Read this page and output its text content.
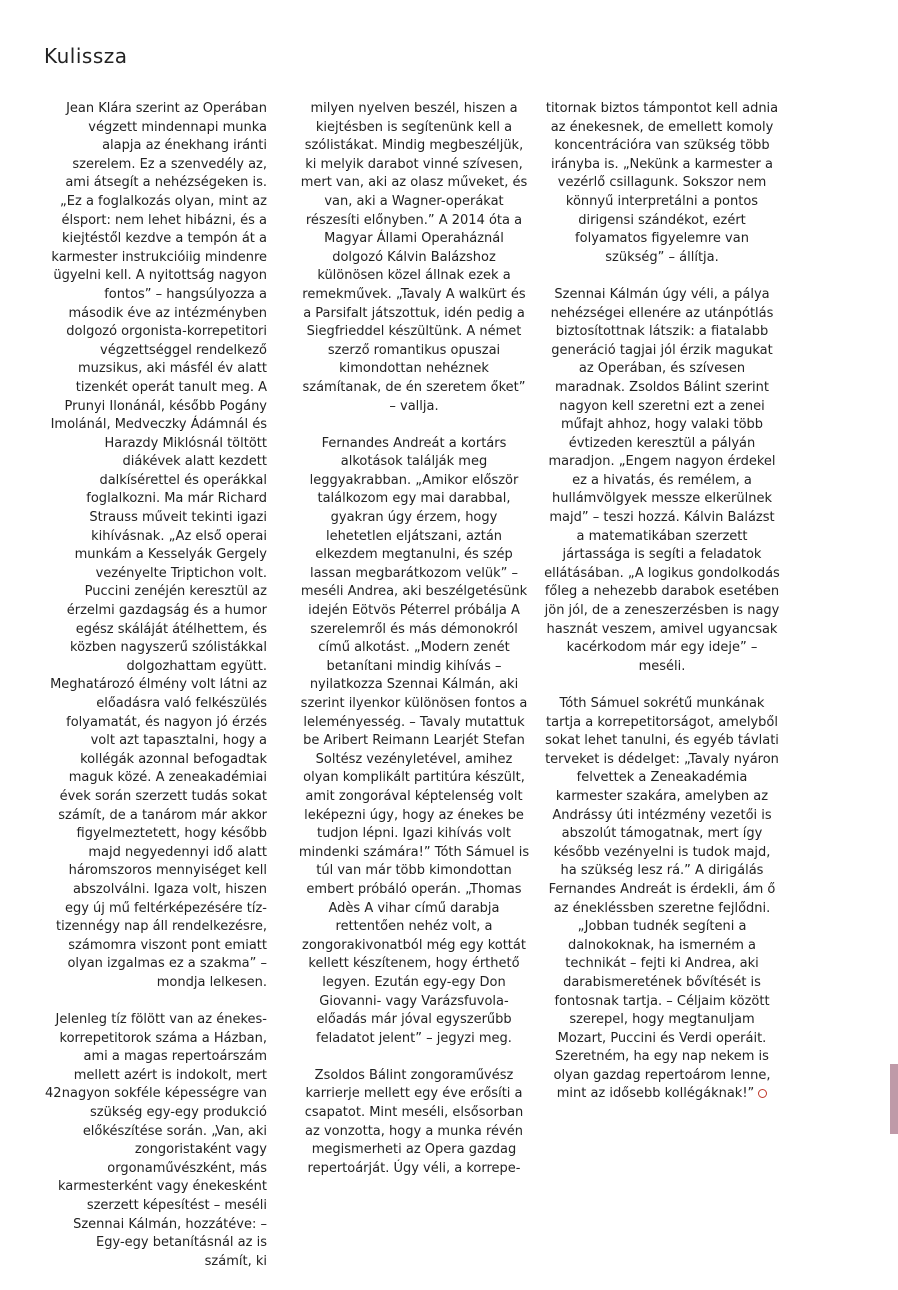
Kulissza

Jean Klára szerint az Operában végzett mindennapi munka alapja az énekhang iránti szerelem. Ez a szenvedély az, ami átsegít a nehézségeken is. „Ez a foglalkozás olyan, mint az élsport: nem lehet hibázni, és a kiejtéstől kezdve a tempón át a karmester instrukcióiig mindenre ügyelni kell. A nyitottság nagyon fontos” – hangsúlyozza a második éve az intézményben dolgozó orgonista-korrepetitori végzettséggel rendelkező muzsikus, aki másfél év alatt tizenkét operát tanult meg. A Prunyi Ilonánál, később Pogány Imolánál, Medveczky Ádámnál és Harazdy Miklósnál töltött diákévek alatt kezdett dalkísérettel és operákkal foglalkozni. Ma már Richard Strauss műveit tekinti igazi kihívásnak. „Az első operai munkám a Kesselyák Gergely vezényelte Triptichon volt. Puccini zenéjén keresztül az érzelmi gazdagság és a humor egész skáláját átélhettem, és közben nagyszerű szólistákkal dolgozhattam együtt. Meghatározó élmény volt látni az előadásra való felkészülés folyamatát, és nagyon jó érzés volt azt tapasztalni, hogy a kollégák azonnal befogadtak maguk közé. A zeneakadémiai évek során szerzett tudás sokat számít, de a tanárom már akkor figyelmeztetett, hogy később majd negyedennyi idő alatt háromszoros mennyiséget kell abszolválni. Igaza volt, hiszen egy új mű feltérképezésére tíz-tizennégy nap áll rendelkezésre, számomra viszont pont emiatt olyan izgalmas ez a szakma” – mondja lelkesen.

Jelenleg tíz fölött van az énekes-korrepetitorok száma a Házban, ami a magas repertoárszám mellett azért is indokolt, mert nagyon sokféle képességre van szükség egy-egy produkció előkészítése során. „Van, aki zongoristaként vagy orgonaművészként, más karmesterként vagy énekesként szerzett képesítést – meséli Szennai Kálmán, hozzátéve: – Egy-egy betanításnál az is számít, ki

milyen nyelven beszél, hiszen a kiejtésben is segítenünk kell a szólistákat. Mindig megbeszéljük, ki melyik darabot vinné szívesen, mert van, aki az olasz műveket, és van, aki a Wagner-operákat részesíti előnyben.” A 2014 óta a Magyar Állami Operaháznál dolgozó Kálvin Balázshoz különösen közel állnak ezek a remekművek. „Tavaly A walkürt és a Parsifalt játszottuk, idén pedig a Siegfrieddel készültünk. A német szerző romantikus opuszai kimondottan nehéznek számítanak, de én szeretem őket” – vallja.

Fernandes Andreát a kortárs alkotások találják meg leggyakrabban. „Amikor először találkozom egy mai darabbal, gyakran úgy érzem, hogy lehetetlen eljátszani, aztán elkezdem megtanulni, és szép lassan megbarátkozom velük” – meséli Andrea, aki beszélgetésünk idején Eötvös Péterrel próbálja A szerelemről és más démonokról című alkotást. „Modern zenét betanítani mindig kihívás – nyilatkozza Szennai Kálmán, aki szerint ilyenkor különösen fontos a leleményesség. – Tavaly mutattuk be Aribert Reimann Learjét Stefan Soltész vezényletével, amihez olyan komplikált partitúra készült, amit zongorával képtelenség volt leképezni úgy, hogy az énekes be tudjon lépni. Igazi kihívás volt mindenki számára!” Tóth Sámuel is túl van már több kimondottan embert próbáló operán. „Thomas Adès A vihar című darabja rettentően nehéz volt, a zongorakivonatból még egy kottát kellett készítenem, hogy érthető legyen. Ezután egy-egy Don Giovanni- vagy Varázsfuvola-előadás már jóval egyszerűbb feladatot jelent” – jegyzi meg.

Zsoldos Bálint zongoraművész karrierje mellett egy éve erősíti a csapatot. Mint meséli, elsősorban az vonzotta, hogy a munka révén megismerheti az Opera gazdag repertoárját. Úgy véli, a korrepe-

titornak biztos támpontot kell adnia az énekesnek, de emellett komoly koncentrációra van szükség több irányba is. „Nekünk a karmester a vezérlő csillagunk. Sokszor nem könnyű interpretálni a pontos dirigensi szándékot, ezért folyamatos figyelemre van szükség” – állítja.

Szennai Kálmán úgy véli, a pálya nehézségei ellenére az utánpótlás biztosítottnak látszik: a fiatalabb generáció tagjai jól érzik magukat az Operában, és szívesen maradnak. Zsoldos Bálint szerint nagyon kell szeretni ezt a zenei műfajt ahhoz, hogy valaki több évtizeden keresztül a pályán maradjon. „Engem nagyon érdekel ez a hivatás, és remélem, a hullámvölgyek messze elkerülnek majd” – teszi hozzá. Kálvin Balázst a matematikában szerzett jártassága is segíti a feladatok ellátásában. „A logikus gondolkodás főleg a nehezebb darabok esetében jön jól, de a zeneszerzésben is nagy hasznát veszem, amivel ugyancsak kacérkodom már egy ideje” – meséli.

Tóth Sámuel sokrétű munkának tartja a korrepetitorságot, amelyből sokat lehet tanulni, és egyéb távlati terveket is dédelget: „Tavaly nyáron felvettek a Zeneakadémia karmester szakára, amelyben az Andrássy úti intézmény vezetői is abszolút támogatnak, mert így később vezényelni is tudok majd, ha szükség lesz rá.” A dirigálás Fernandes Andreát is érdekli, ám ő az énekléssben szeretne fejlődni. „Jobban tudnék segíteni a dalnokoknak, ha ismerném a technikát – fejti ki Andrea, aki darabismeretének bővítését is fontosnak tartja. – Céljaim között szerepel, hogy megtanuljam Mozart, Puccini és Verdi operáit. Szeretném, ha egy nap nekem is olyan gazdag repertoárom lenne, mint az idősebb kollégáknak!”

42
